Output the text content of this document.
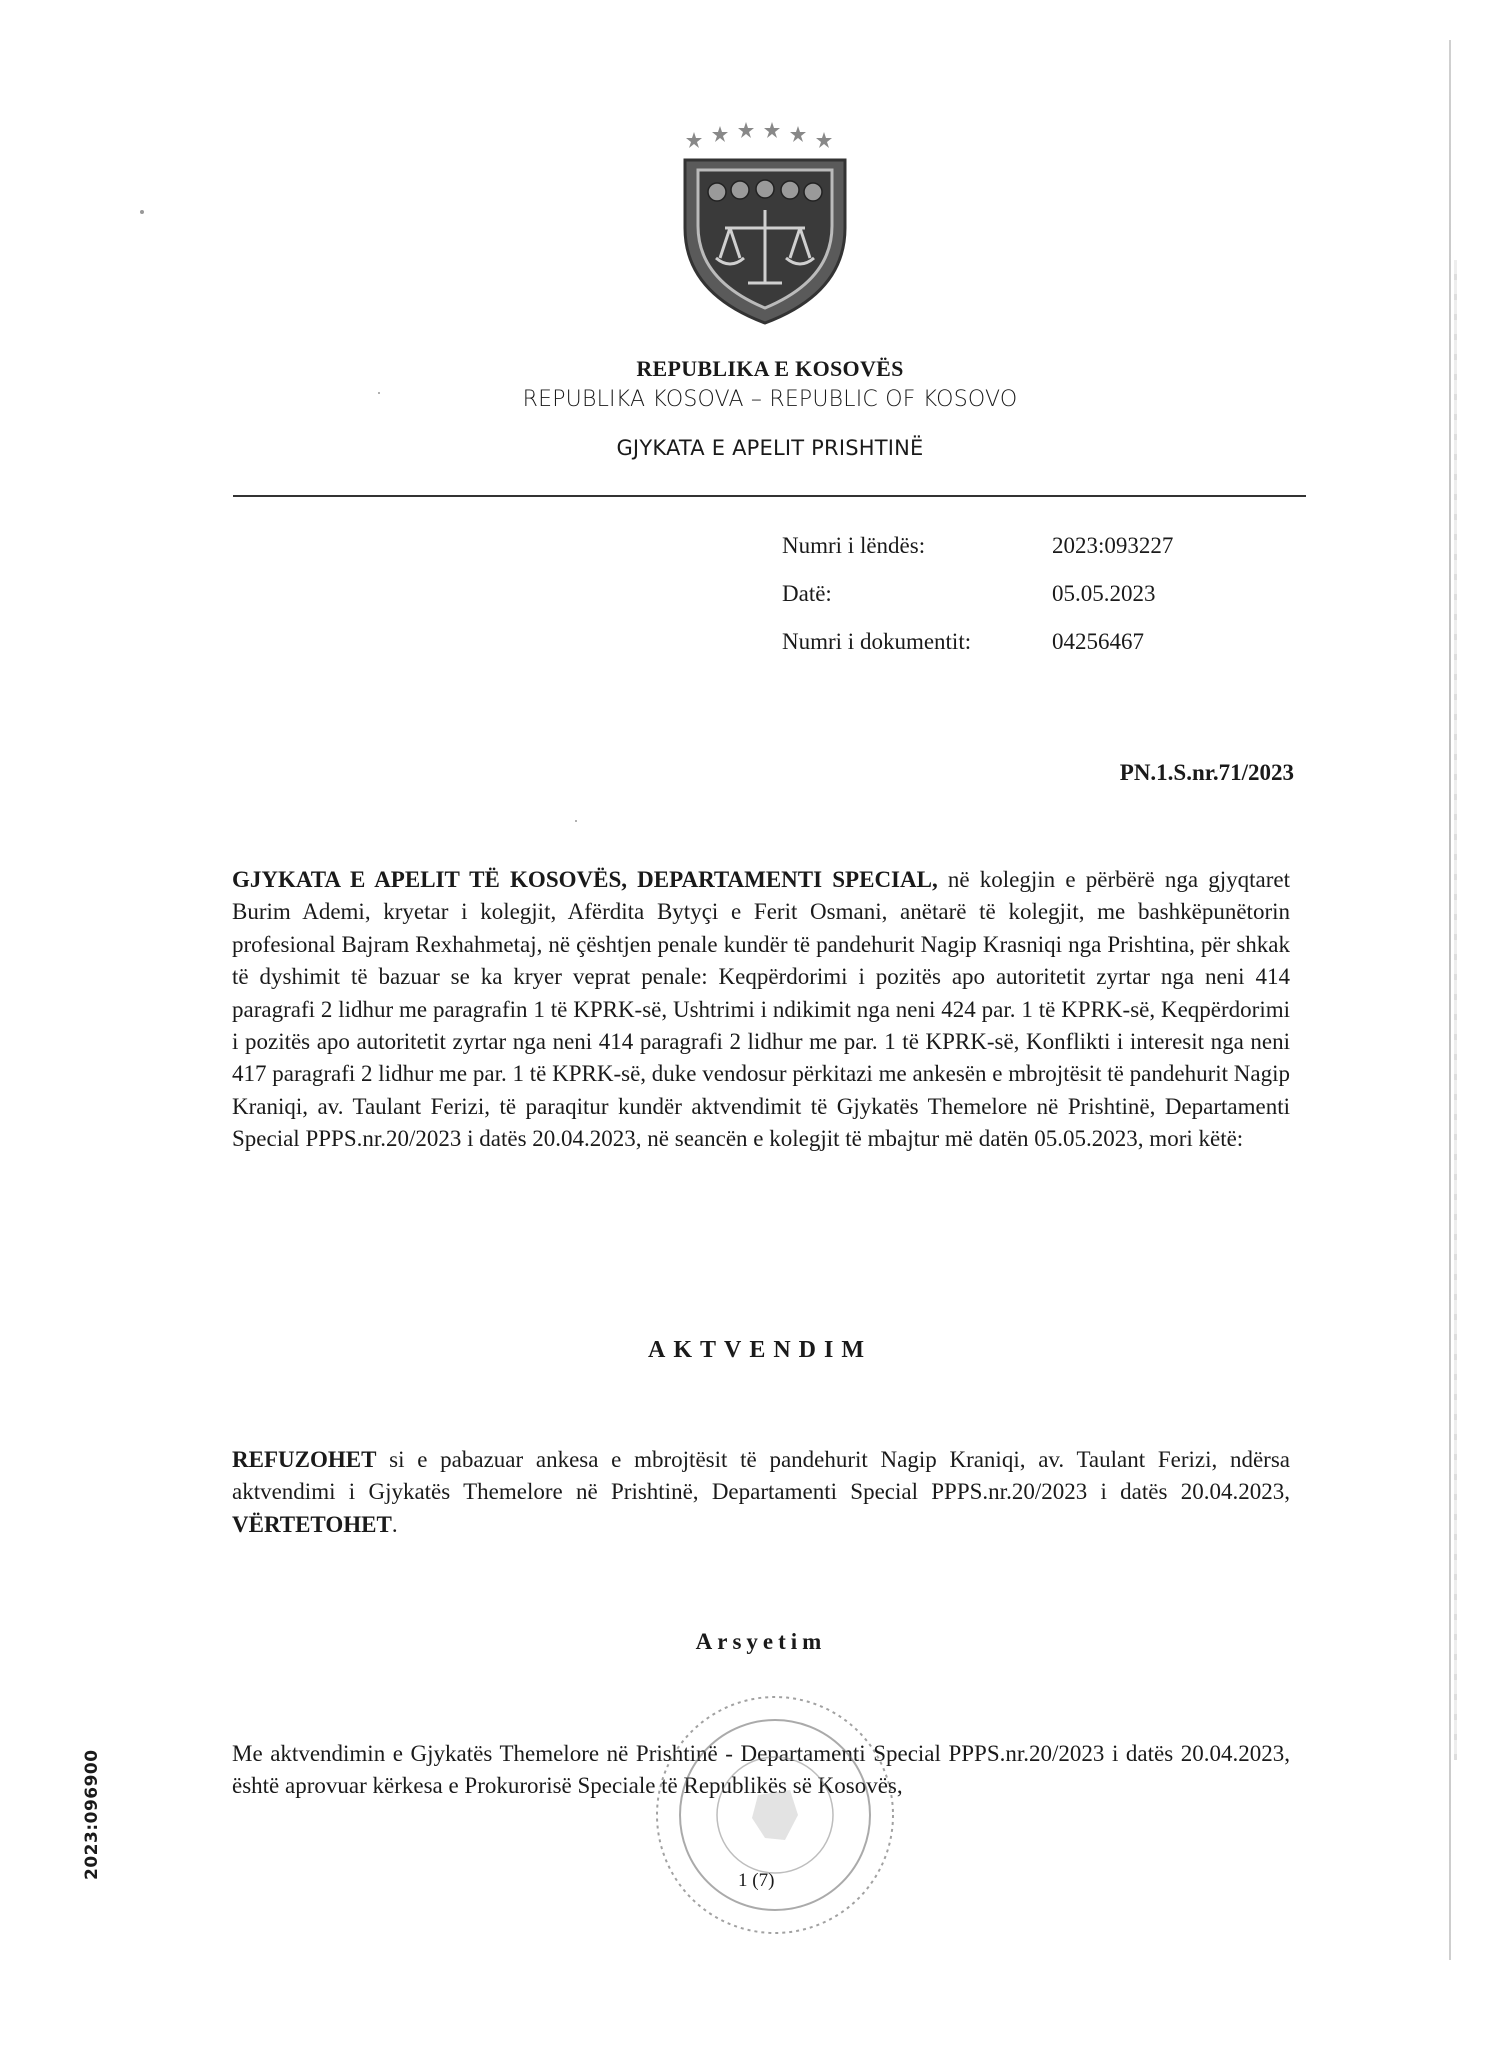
REPUBLIKA E KOSOVËS
REPUBLIKA KOSOVA – REPUBLIC OF KOSOVO
GJYKATA E APELIT PRISHTINË
Numri i lëndës:	2023:093227
Datë:	05.05.2023
Numri i dokumentit:	04256467
PN.1.S.nr.71/2023
GJYKATA E APELIT TË KOSOVËS, DEPARTAMENTI SPECIAL, në kolegjin e përbërë nga gjyqtaret Burim Ademi, kryetar i kolegjit, Afërdita Bytyçi e Ferit Osmani, anëtarë të kolegjit, me bashkëpunëtorin profesional Bajram Rexhahmetaj, në çështjen penale kundër të pandehurit Nagip Krasniqi nga Prishtina, për shkak të dyshimit të bazuar se ka kryer veprat penale: Keqpërdorimi i pozitës apo autoritetit zyrtar nga neni 414 paragrafi 2 lidhur me paragrafin 1 të KPRK-së, Ushtrimi i ndikimit nga neni 424 par. 1 të KPRK-së, Keqpërdorimi i pozitës apo autoritetit zyrtar nga neni 414 paragrafi 2 lidhur me par. 1 të KPRK-së, Konflikti i interesit nga neni 417 paragrafi 2 lidhur me par. 1 të KPRK-së, duke vendosur përkitazi me ankesën e mbrojtësit të pandehurit Nagip Kraniqi, av. Taulant Ferizi, të paraqitur kundër aktvendimit të Gjykatës Themelore në Prishtinë, Departamenti Special PPPS.nr.20/2023 i datës 20.04.2023, në seancën e kolegjit të mbajtur më datën 05.05.2023, mori këtë:
AKTVENDIM
REFUZOHET si e pabazuar ankesa e mbrojtësit të pandehurit Nagip Kraniqi, av. Taulant Ferizi, ndërsa aktvendimi i Gjykatës Themelore në Prishtinë, Departamenti Special PPPS.nr.20/2023 i datës 20.04.2023, VËRTETOHET.
Arsyetim
Me aktvendimin e Gjykatës Themelore në Prishtinë - Departamenti Special PPPS.nr.20/2023 i datës 20.04.2023, është aprovuar kërkesa e Prokurorisë Speciale të Republikës së Kosovës,
1 (7)
2023:096900
